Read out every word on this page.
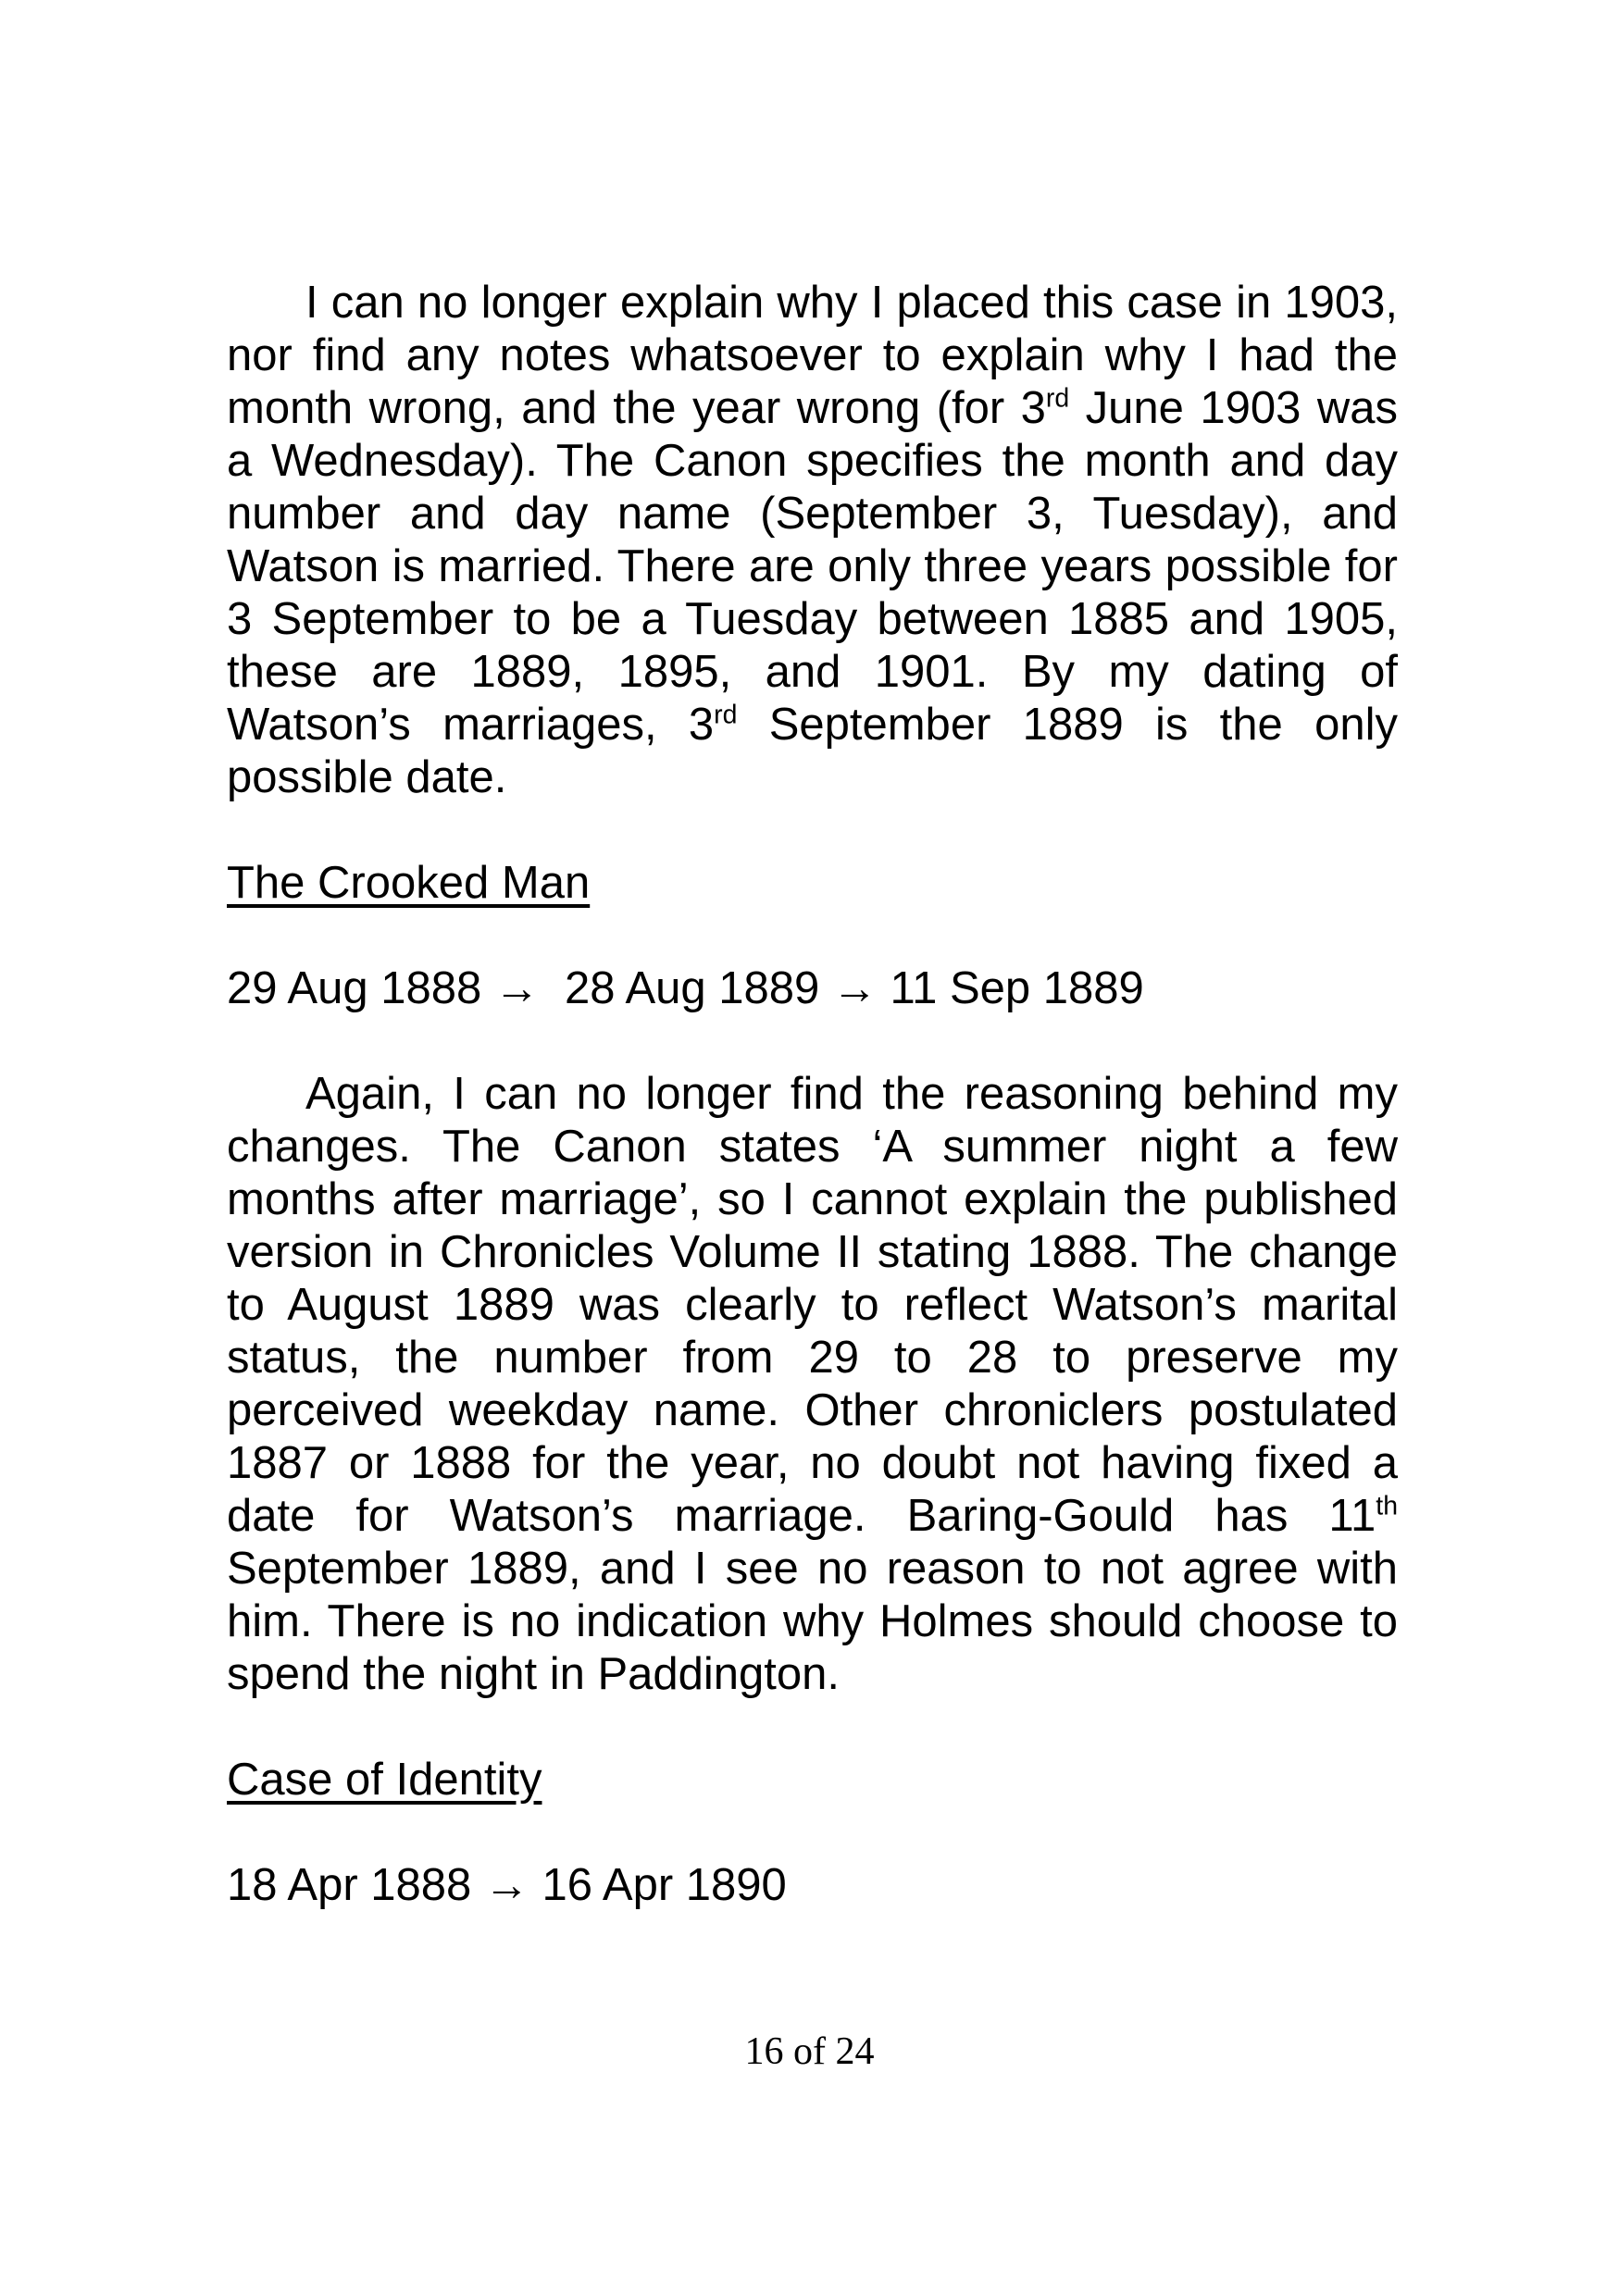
I can no longer explain why I placed this case in 1903, nor find any notes whatsoever to explain why I had the month wrong, and the year wrong (for 3rd June 1903 was a Wednesday). The Canon specifies the month and day number and day name (September 3, Tuesday), and Watson is married. There are only three years possible for 3 September to be a Tuesday between 1885 and 1905, these are 1889, 1895, and 1901. By my dating of Watson’s marriages, 3rd September 1889 is the only possible date.

The Crooked Man

29 Aug 1888 →  28 Aug 1889 → 11 Sep 1889

Again, I can no longer find the reasoning behind my changes. The Canon states ‘A summer night a few months after marriage’, so I cannot explain the published version in Chronicles Volume II stating 1888. The change to August 1889 was clearly to reflect Watson’s marital status, the number from 29 to 28 to preserve my perceived weekday name. Other chroniclers postulated 1887 or 1888 for the year, no doubt not having fixed a date for Watson’s marriage. Baring-Gould has 11th September 1889, and I see no reason to not agree with him. There is no indication why Holmes should choose to spend the night in Paddington.

Case of Identity

18 Apr 1888 → 16 Apr 1890

16 of 24
